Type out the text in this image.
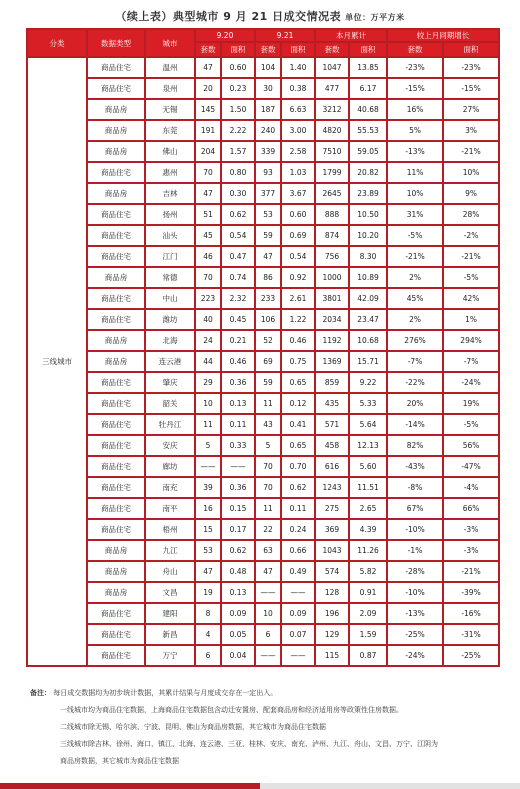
（续上表）典型城市 9 月 21 日成交情况表 单位：万平方米
分类	数据类型	城市	9.20		9.21		本月累计		较上月同期增长	
			套数	面积	套数	面积	套数	面积	套数	面积
三线城市	商品住宅	温州	47	0.60	104	1.40	1047	13.85	-23%	-23%
	商品住宅	泉州	20	0.23	30	0.38	477	6.17	-15%	-15%
	商品房	无锡	145	1.50	187	6.63	3212	40.68	16%	27%
	商品房	东莞	191	2.22	240	3.00	4820	55.53	5%	3%
	商品房	佛山	204	1.57	339	2.58	7510	59.05	-13%	-21%
	商品住宅	惠州	70	0.80	93	1.03	1799	20.82	11%	10%
	商品房	吉林	47	0.30	377	3.67	2645	23.89	10%	9%
	商品住宅	扬州	51	0.62	53	0.60	888	10.50	31%	28%
	商品住宅	汕头	45	0.54	59	0.69	874	10.20	-5%	-2%
	商品住宅	江门	46	0.47	47	0.54	756	8.30	-21%	-21%
	商品房	常德	70	0.74	86	0.92	1000	10.89	2%	-5%
	商品住宅	中山	223	2.32	233	2.61	3801	42.09	45%	42%
	商品住宅	潍坊	40	0.45	106	1.22	2034	23.47	2%	1%
	商品房	北海	24	0.21	52	0.46	1192	10.68	276%	294%
	商品房	连云港	44	0.46	69	0.75	1369	15.71	-7%	-7%
	商品住宅	肇庆	29	0.36	59	0.65	859	9.22	-22%	-24%
	商品住宅	韶关	10	0.13	11	0.12	435	5.33	20%	19%
	商品住宅	牡丹江	11	0.11	43	0.41	571	5.64	-14%	-5%
	商品住宅	安庆	5	0.33	5	0.65	458	12.13	82%	56%
	商品住宅	廊坊	——	——	70	0.70	616	5.60	-43%	-47%
	商品住宅	南充	39	0.36	70	0.62	1243	11.51	-8%	-4%
	商品住宅	南平	16	0.15	11	0.11	275	2.65	67%	66%
	商品住宅	梧州	15	0.17	22	0.24	369	4.39	-10%	-3%
	商品房	九江	53	0.62	63	0.66	1043	11.26	-1%	-3%
	商品房	舟山	47	0.48	47	0.49	574	5.82	-28%	-21%
	商品房	文昌	19	0.13	——	——	128	0.91	-10%	-39%
	商品住宅	建阳	8	0.09	10	0.09	196	2.09	-13%	-16%
	商品住宅	新昌	4	0.05	6	0.07	129	1.59	-25%	-31%
	商品住宅	万宁	6	0.04	——	——	115	0.87	-24%	-25%
备注： 每日成交数据均为初步统计数据，其累计结果与月度成交存在一定出入。
一线城市均为商品住宅数据，上海商品住宅数据包含动迁安置房、配套商品房和经济适用房等政策性住房数据。
二线城市除无锡、哈尔滨、宁波、昆明、佛山为商品房数据，其它城市为商品住宅数据
三线城市除吉林、徐州、海口、镇江、北海、连云港、三亚、桂林、安庆、南充、泸州、九江、舟山、文昌、万宁、江阴为
商品房数据，其它城市为商品住宅数据
